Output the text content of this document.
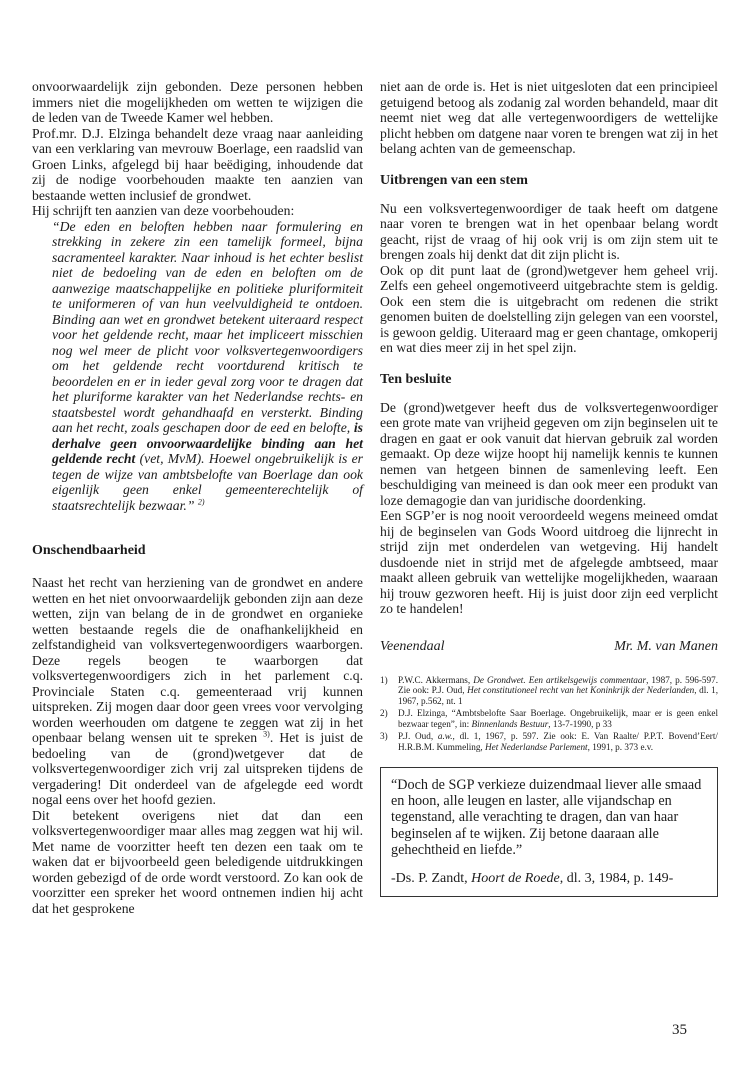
onvoorwaardelijk zijn gebonden. Deze personen hebben immers niet die mogelijkheden om wetten te wijzigen die de leden van de Tweede Kamer wel hebben.

Prof.mr. D.J. Elzinga behandelt deze vraag naar aanleiding van een verklaring van mevrouw Boerlage, een raadslid van Groen Links, afgelegd bij haar beëdiging, inhoudende dat zij de nodige voorbehouden maakte ten aanzien van bestaande wetten inclusief de grondwet.

Hij schrijft ten aanzien van deze voorbehouden:

“De eden en beloften hebben naar formulering en strekking in zekere zin een tamelijk formeel, bijna sacramenteel karakter. Naar inhoud is het echter beslist niet de bedoeling van de eden en beloften om de aanwezige maatschappelijke en politieke pluriformiteit te uniformeren of van hun veelvuldigheid te ontdoen. Binding aan wet en grondwet betekent uiteraard respect voor het geldende recht, maar het impliceert misschien nog wel meer de plicht voor volksvertegenwoordigers om het geldende recht voortdurend kritisch te beoordelen en er in ieder geval zorg voor te dragen dat het pluriforme karakter van het Nederlandse rechts- en staatsbestel wordt gehandhaafd en versterkt. Binding aan het recht, zoals geschapen door de eed en belofte, is derhalve geen onvoorwaardelijke binding aan het geldende recht (vet, MvM). Hoewel ongebruikelijk is er tegen de wijze van ambtsbelofte van Boerlage dan ook eigenlijk geen enkel gemeenterechtelijk of staatsrechtelijk bezwaar.” $^{2)}$

Onschendbaarheid

Naast het recht van herziening van de grondwet en andere wetten en het niet onvoorwaardelijk gebonden zijn aan deze wetten, zijn van belang de in de grondwet en organieke wetten bestaande regels die de onafhankelijkheid en zelfstandigheid van volksvertegenwoordigers waarborgen. Deze regels beogen te waarborgen dat volksvertegenwoordigers zich in het parlement c.q. Provinciale Staten c.q. gemeenteraad vrij kunnen uitspreken. Zij mogen daar door geen vrees voor vervolging worden weerhouden om datgene te zeggen wat zij in het openbaar belang wensen uit te spreken $^{3)}$. Het is juist de bedoeling van de (grond)wetgever dat de volksvertegenwoordiger zich vrij zal uitspreken tijdens de vergadering! Dit onderdeel van de afgelegde eed wordt nogal eens over het hoofd gezien.

Dit betekent overigens niet dat dan een volksvertegenwoordiger maar alles mag zeggen wat hij wil. Met name de voorzitter heeft ten dezen een taak om te waken dat er bijvoorbeeld geen beledigende uitdrukkingen worden gebezigd of de orde wordt verstoord. Zo kan ook de voorzitter een spreker het woord ontnemen indien hij acht dat het gesprokene

niet aan de orde is. Het is niet uitgesloten dat een principieel getuigend betoog als zodanig zal worden behandeld, maar dit neemt niet weg dat alle vertegenwoordigers de wettelijke plicht hebben om datgene naar voren te brengen wat zij in het belang achten van de gemeenschap.

Uitbrengen van een stem

Nu een volksvertegenwoordiger de taak heeft om datgene naar voren te brengen wat in het openbaar belang wordt geacht, rijst de vraag of hij ook vrij is om zijn stem uit te brengen zoals hij denkt dat dit zijn plicht is.

Ook op dit punt laat de (grond)wetgever hem geheel vrij. Zelfs een geheel ongemotiveerd uitgebrachte stem is geldig. Ook een stem die is uitgebracht om redenen die strikt genomen buiten de doelstelling zijn gelegen van een voorstel, is gewoon geldig. Uiteraard mag er geen chantage, omkoperij en wat dies meer zij in het spel zijn.

Ten besluite

De (grond)wetgever heeft dus de volksvertegenwoordiger een grote mate van vrijheid gegeven om zijn beginselen uit te dragen en gaat er ook vanuit dat hiervan gebruik zal worden gemaakt. Op deze wijze hoopt hij namelijk kennis te kunnen nemen van hetgeen binnen de samenleving leeft. Een beschuldiging van meineed is dan ook meer een produkt van loze demagogie dan van juridische doordenking.

Een SGP’er is nog nooit veroordeeld wegens meineed omdat hij de beginselen van Gods Woord uitdroeg die lijnrecht in strijd zijn met onderdelen van wetgeving. Hij handelt dusdoende niet in strijd met de afgelegde ambtseed, maar maakt alleen gebruik van wettelijke mogelijkheden, waaraan hij trouw gezworen heeft. Hij is juist door zijn eed verplicht zo te handelen!

Veenendaal	Mr. M. van Manen
1)	P.W.C. Akkermans, De Grondwet. Een artikelsgewijs commentaar, 1987, p. 596-597. Zie ook: P.J. Oud, Het constitutioneel recht van het Koninkrijk der Nederlanden, dl. 1, 1967, p.562, nt. 1
2)	D.J. Elzinga, “Ambtsbelofte Saar Boerlage. Ongebruikelijk, maar er is geen enkel bezwaar tegen”, in: Binnenlands Bestuur, 13-7-1990, p 33
3)	P.J. Oud, a.w., dl. 1, 1967, p. 597. Zie ook: E. Van Raalte/ P.P.T. Bovend’Eert/ H.R.B.M. Kummeling, Het Nederlandse Parlement, 1991, p. 373 e.v.
“Doch de SGP verkieze duizendmaal liever alle smaad en hoon, alle leugen en laster, alle vijandschap en tegenstand, alle verachting te dragen, dan van haar beginselen af te wijken. Zij betone daaraan alle gehechtheid en liefde.”
-Ds. P. Zandt, Hoort de Roede, dl. 3, 1984, p. 149-
35
